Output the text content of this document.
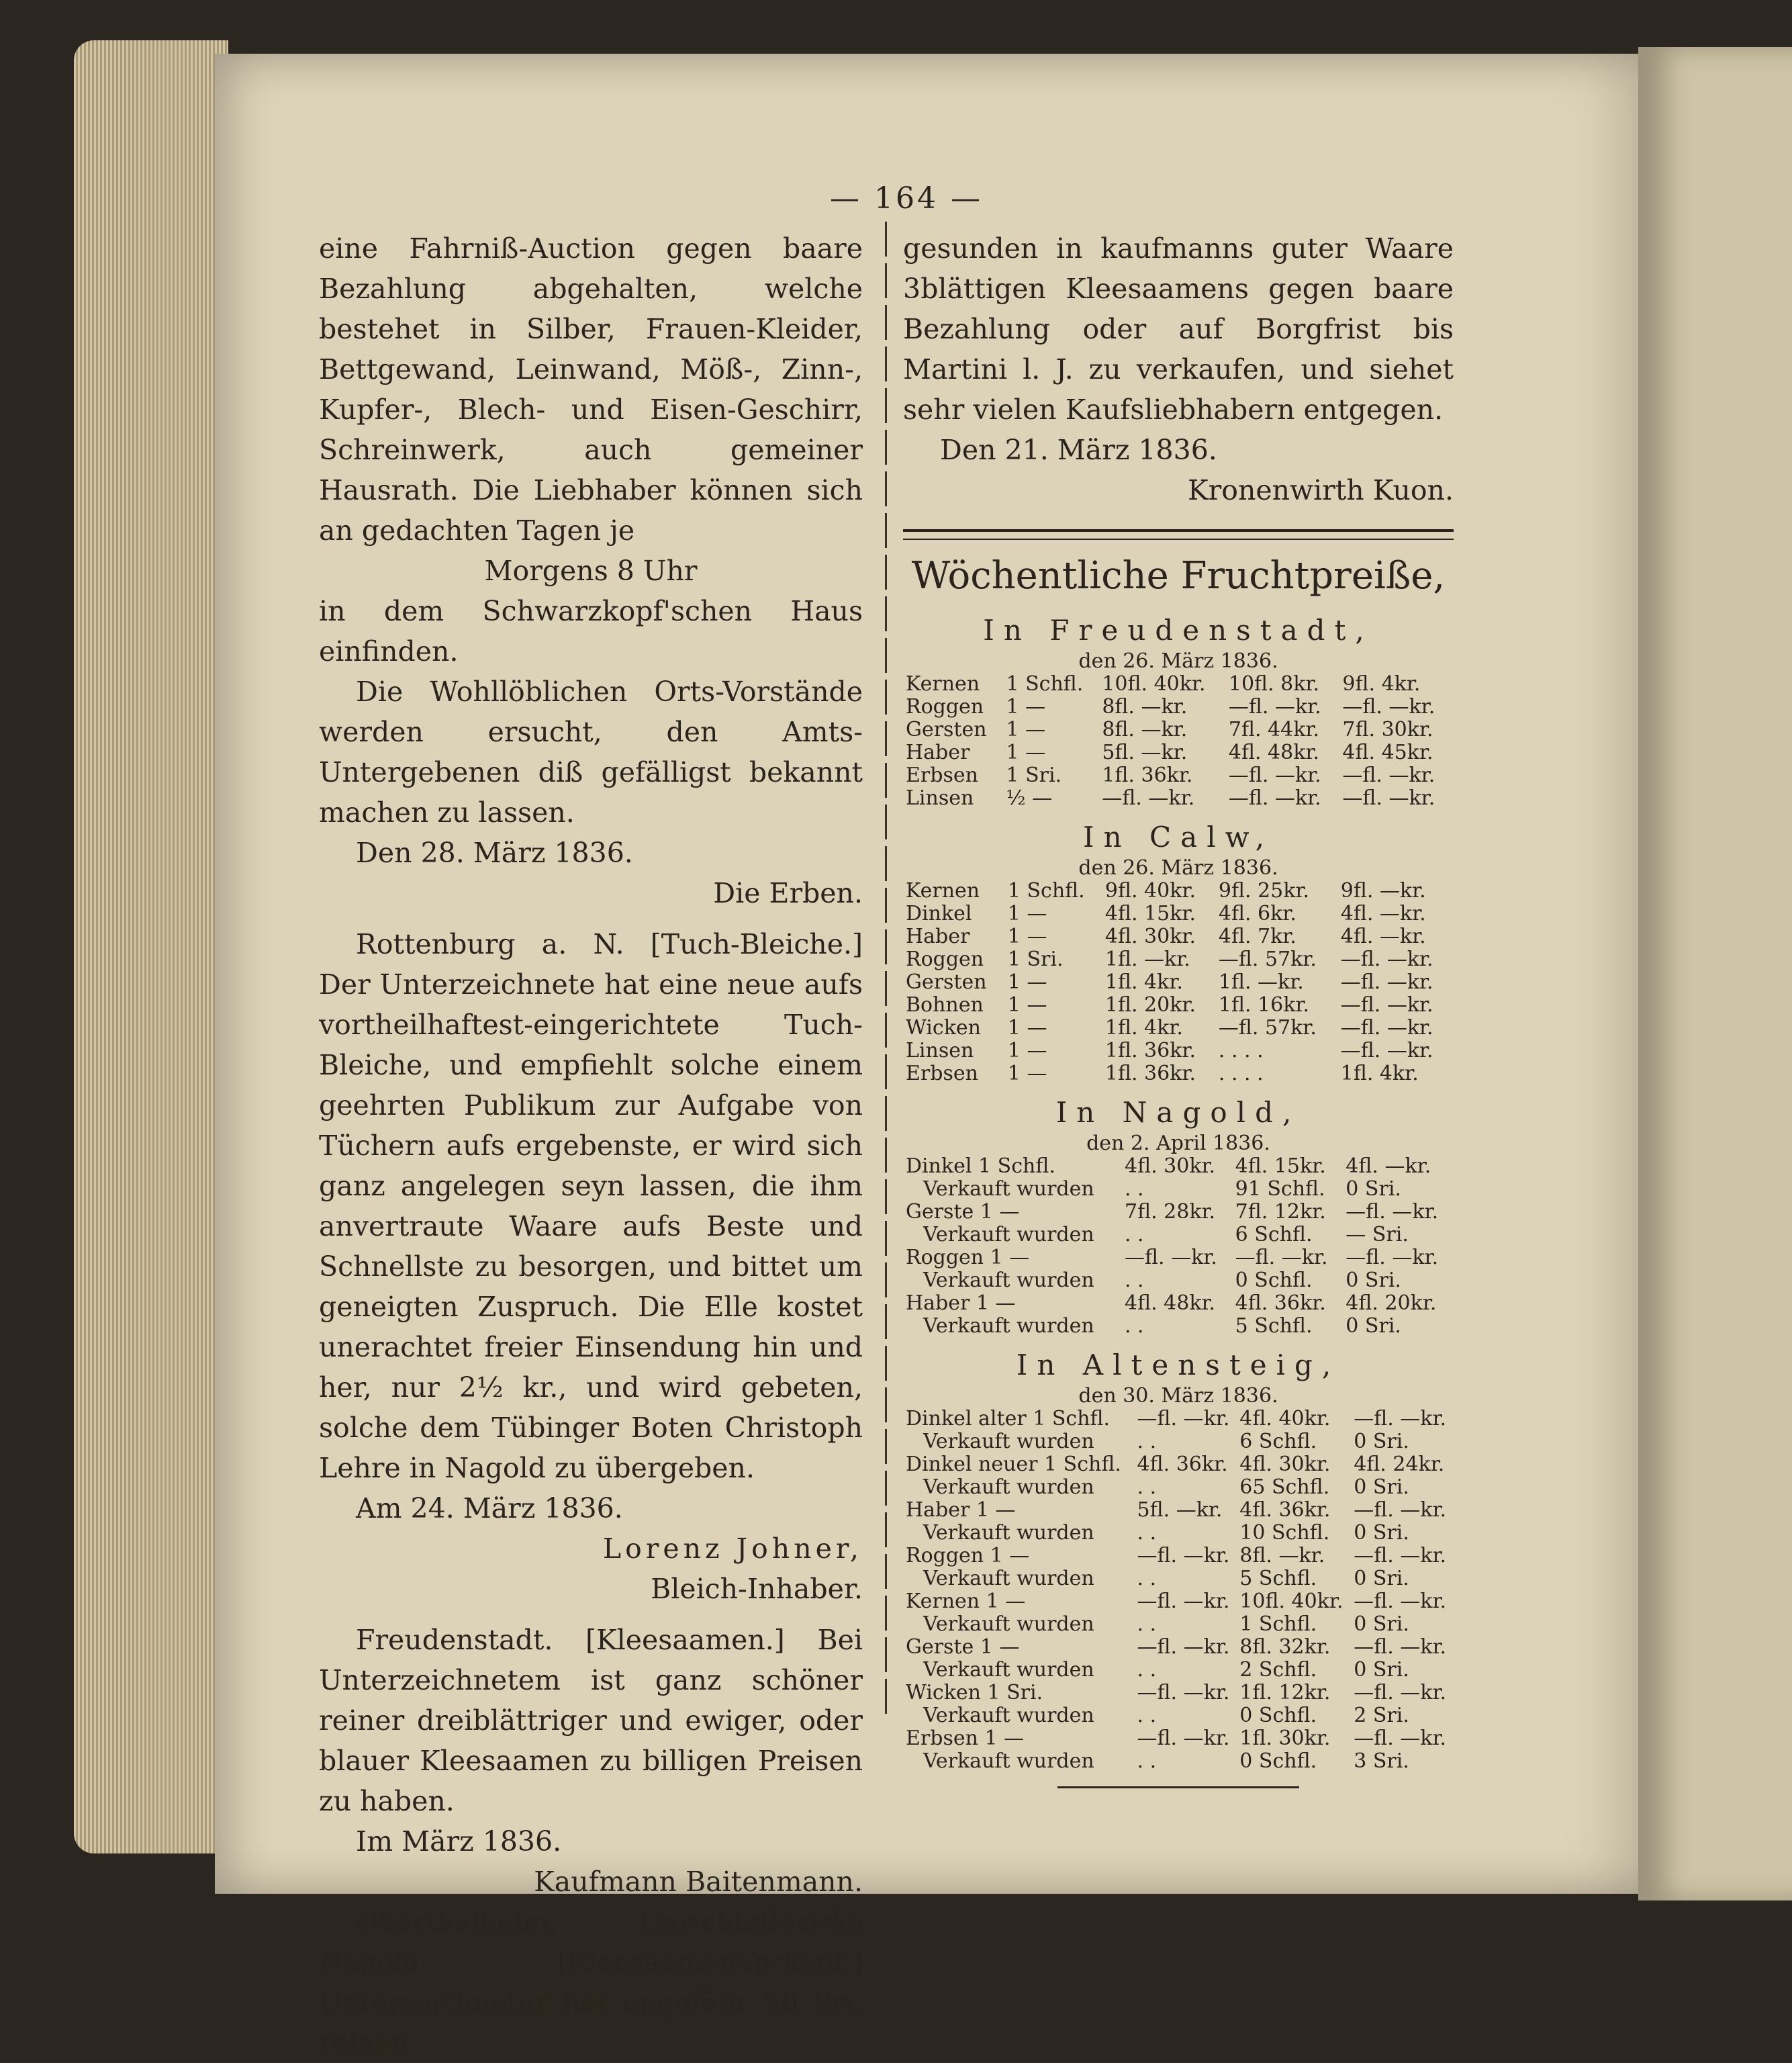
— 164 —

eine Fahrniß-Auction gegen baare Bezahlung abgehalten, welche bestehet in Silber, Frauen-Kleider, Bettgewand, Leinwand, Möß-, Zinn-, Kupfer-, Blech- und Eisen-Geschirr, Schreinwerk, auch gemeiner Hausrath. Die Liebhaber können sich an gedachten Tagen je

Morgens 8 Uhr

in dem Schwarzkopf'schen Haus einfinden.

Die Wohllöblichen Orts-Vorstände werden ersucht, den Amts-Untergebenen diß gefälligst bekannt machen zu lassen.

Den 28. März 1836.

Die Erben.

Rottenburg a. N. [Tuch-Bleiche.] Der Unterzeichnete hat eine neue aufs vortheilhaftest-eingerichtete Tuch-Bleiche, und empfiehlt solche einem geehrten Publikum zur Aufgabe von Tüchern aufs ergebenste, er wird sich ganz angelegen seyn lassen, die ihm anvertraute Waare aufs Beste und Schnellste zu besorgen, und bittet um geneigten Zuspruch. Die Elle kostet unerachtet freier Einsendung hin und her, nur 2½ kr., und wird gebeten, solche dem Tübinger Boten Christoph Lehre in Nagold zu übergeben.

Am 24. März 1836.

Lorenz Johner,

Bleich-Inhaber.

Freudenstadt. [Kleesaamen.] Bei Unterzeichnetem ist ganz schöner reiner dreiblättriger und ewiger, oder blauer Kleesaamen zu billigen Preisen zu haben.

Im März 1836.

Kaufmann Baitenmann.

Oberthalheim, GerichtsBezirks Nagold. [KleesaamenVerkauf.] Unterzeichneter hat ungefähr 50 Sri. reinen

gesunden in kaufmanns guter Waare 3blättigen Kleesaamens gegen baare Bezahlung oder auf Borgfrist bis Martini l. J. zu verkaufen, und siehet sehr vielen Kaufsliebhabern entgegen.

Den 21. März 1836.

Kronenwirth Kuon.

Wöchentliche Fruchtpreiße,
In Freudenstadt,
den 26. März 1836.
Kernen	1 Schfl.	10fl. 40kr.	10fl. 8kr.	9fl. 4kr.
Roggen	1 —	8fl. —kr.	—fl. —kr.	—fl. —kr.
Gersten	1 —	8fl. —kr.	7fl. 44kr.	7fl. 30kr.
Haber	1 —	5fl. —kr.	4fl. 48kr.	4fl. 45kr.
Erbsen	1 Sri.	1fl. 36kr.	—fl. —kr.	—fl. —kr.
Linsen	½ —	—fl. —kr.	—fl. —kr.	—fl. —kr.
In Calw,
den 26. März 1836.
Kernen	1 Schfl.	9fl. 40kr.	9fl. 25kr.	9fl. —kr.
Dinkel	1 —	4fl. 15kr.	4fl. 6kr.	4fl. —kr.
Haber	1 —	4fl. 30kr.	4fl. 7kr.	4fl. —kr.
Roggen	1 Sri.	1fl. —kr.	—fl. 57kr.	—fl. —kr.
Gersten	1 —	1fl. 4kr.	1fl. —kr.	—fl. —kr.
Bohnen	1 —	1fl. 20kr.	1fl. 16kr.	—fl. —kr.
Wicken	1 —	1fl. 4kr.	—fl. 57kr.	—fl. —kr.
Linsen	1 —	1fl. 36kr.	. . . .	—fl. —kr.
Erbsen	1 —	1fl. 36kr.	. . . .	1fl. 4kr.
In Nagold,
den 2. April 1836.
Dinkel 1 Schfl.	4fl. 30kr.	4fl. 15kr.	4fl. —kr.
Verkauft wurden	. .	91 Schfl.	0 Sri.
Gerste 1 —	7fl. 28kr.	7fl. 12kr.	—fl. —kr.
Verkauft wurden	. .	6 Schfl.	— Sri.
Roggen 1 —	—fl. —kr.	—fl. —kr.	—fl. —kr.
Verkauft wurden	. .	0 Schfl.	0 Sri.
Haber 1 —	4fl. 48kr.	4fl. 36kr.	4fl. 20kr.
Verkauft wurden	. .	5 Schfl.	0 Sri.
In Altensteig,
den 30. März 1836.
Dinkel alter 1 Schfl.	—fl. —kr.	4fl. 40kr.	—fl. —kr.
Verkauft wurden	. .	6 Schfl.	0 Sri.
Dinkel neuer 1 Schfl.	4fl. 36kr.	4fl. 30kr.	4fl. 24kr.
Verkauft wurden	. .	65 Schfl.	0 Sri.
Haber 1 —	5fl. —kr.	4fl. 36kr.	—fl. —kr.
Verkauft wurden	. .	10 Schfl.	0 Sri.
Roggen 1 —	—fl. —kr.	8fl. —kr.	—fl. —kr.
Verkauft wurden	. .	5 Schfl.	0 Sri.
Kernen 1 —	—fl. —kr.	10fl. 40kr.	—fl. —kr.
Verkauft wurden	. .	1 Schfl.	0 Sri.
Gerste 1 —	—fl. —kr.	8fl. 32kr.	—fl. —kr.
Verkauft wurden	. .	2 Schfl.	0 Sri.
Wicken 1 Sri.	—fl. —kr.	1fl. 12kr.	—fl. —kr.
Verkauft wurden	. .	0 Schfl.	2 Sri.
Erbsen 1 —	—fl. —kr.	1fl. 30kr.	—fl. —kr.
Verkauft wurden	. .	0 Schfl.	3 Sri.
